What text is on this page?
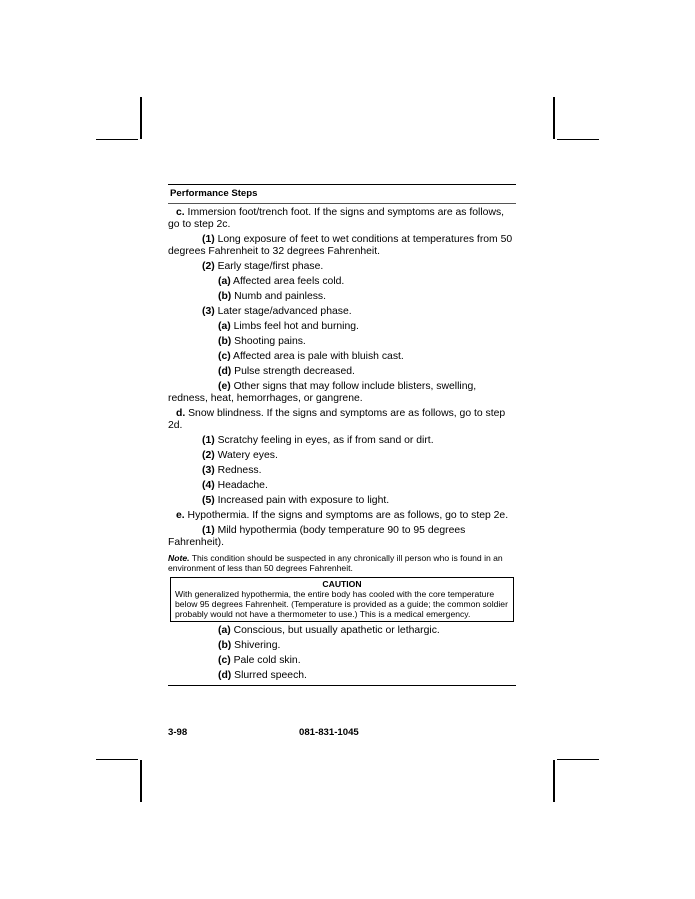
Performance Steps
c. Immersion foot/trench foot. If the signs and symptoms are as follows, go to step 2c.
(1) Long exposure of feet to wet conditions at temperatures from 50 degrees Fahrenheit to 32 degrees Fahrenheit.
(2) Early stage/first phase.
(a) Affected area feels cold.
(b) Numb and painless.
(3) Later stage/advanced phase.
(a) Limbs feel hot and burning.
(b) Shooting pains.
(c) Affected area is pale with bluish cast.
(d) Pulse strength decreased.
(e) Other signs that may follow include blisters, swelling, redness, heat, hemorrhages, or gangrene.
d. Snow blindness. If the signs and symptoms are as follows, go to step 2d.
(1) Scratchy feeling in eyes, as if from sand or dirt.
(2) Watery eyes.
(3) Redness.
(4) Headache.
(5) Increased pain with exposure to light.
e. Hypothermia. If the signs and symptoms are as follows, go to step 2e.
(1) Mild hypothermia (body temperature 90 to 95 degrees Fahrenheit).
Note. This condition should be suspected in any chronically ill person who is found in an environment of less than 50 degrees Fahrenheit.
CAUTION
With generalized hypothermia, the entire body has cooled with the core temperature below 95 degrees Fahrenheit. (Temperature is provided as a guide; the common soldier probably would not have a thermometer to use.) This is a medical emergency.
(a) Conscious, but usually apathetic or lethargic.
(b) Shivering.
(c) Pale cold skin.
(d) Slurred speech.
3-98	081-831-1045
